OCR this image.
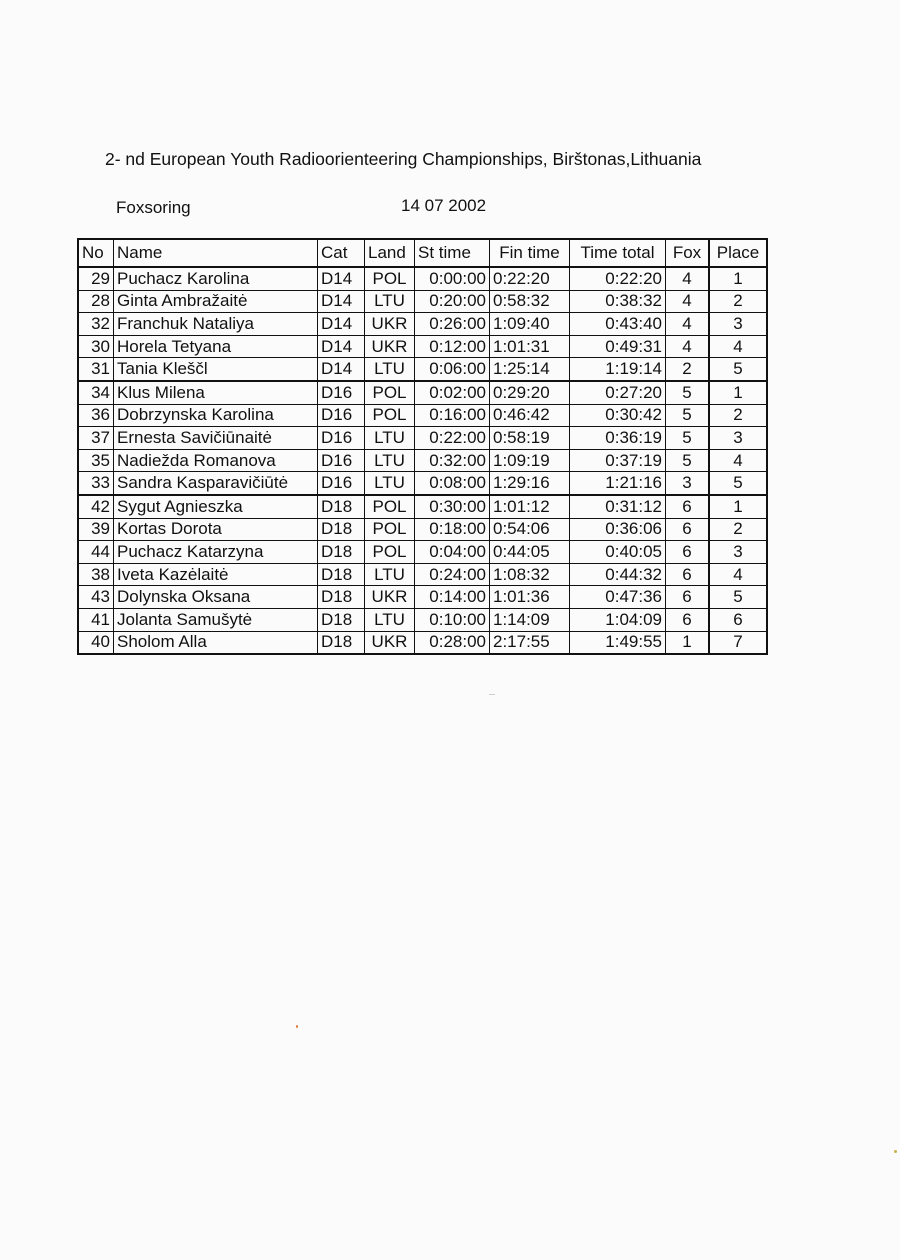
2- nd European Youth Radioorienteering Championships, Birštonas,Lithuania
Foxsoring	14 07 2002
No	Name	Cat	Land	St time	Fin time	Time total	Fox	Place
29	Puchacz Karolina	D14	POL	0:00:00	0:22:20	0:22:20	4	1
28	Ginta Ambražaitė	D14	LTU	0:20:00	0:58:32	0:38:32	4	2
32	Franchuk Nataliya	D14	UKR	0:26:00	1:09:40	0:43:40	4	3
30	Horela Tetyana	D14	UKR	0:12:00	1:01:31	0:49:31	4	4
31	Tania Kleščl	D14	LTU	0:06:00	1:25:14	1:19:14	2	5
34	Klus Milena	D16	POL	0:02:00	0:29:20	0:27:20	5	1
36	Dobrzynska Karolina	D16	POL	0:16:00	0:46:42	0:30:42	5	2
37	Ernesta Savičiūnaitė	D16	LTU	0:22:00	0:58:19	0:36:19	5	3
35	Nadiežda Romanova	D16	LTU	0:32:00	1:09:19	0:37:19	5	4
33	Sandra Kasparavičiūtė	D16	LTU	0:08:00	1:29:16	1:21:16	3	5
42	Sygut Agnieszka	D18	POL	0:30:00	1:01:12	0:31:12	6	1
39	Kortas Dorota	D18	POL	0:18:00	0:54:06	0:36:06	6	2
44	Puchacz Katarzyna	D18	POL	0:04:00	0:44:05	0:40:05	6	3
38	Iveta Kazėlaitė	D18	LTU	0:24:00	1:08:32	0:44:32	6	4
43	Dolynska Oksana	D18	UKR	0:14:00	1:01:36	0:47:36	6	5
41	Jolanta Samušytė	D18	LTU	0:10:00	1:14:09	1:04:09	6	6
40	Sholom Alla	D18	UKR	0:28:00	2:17:55	1:49:55	1	7
